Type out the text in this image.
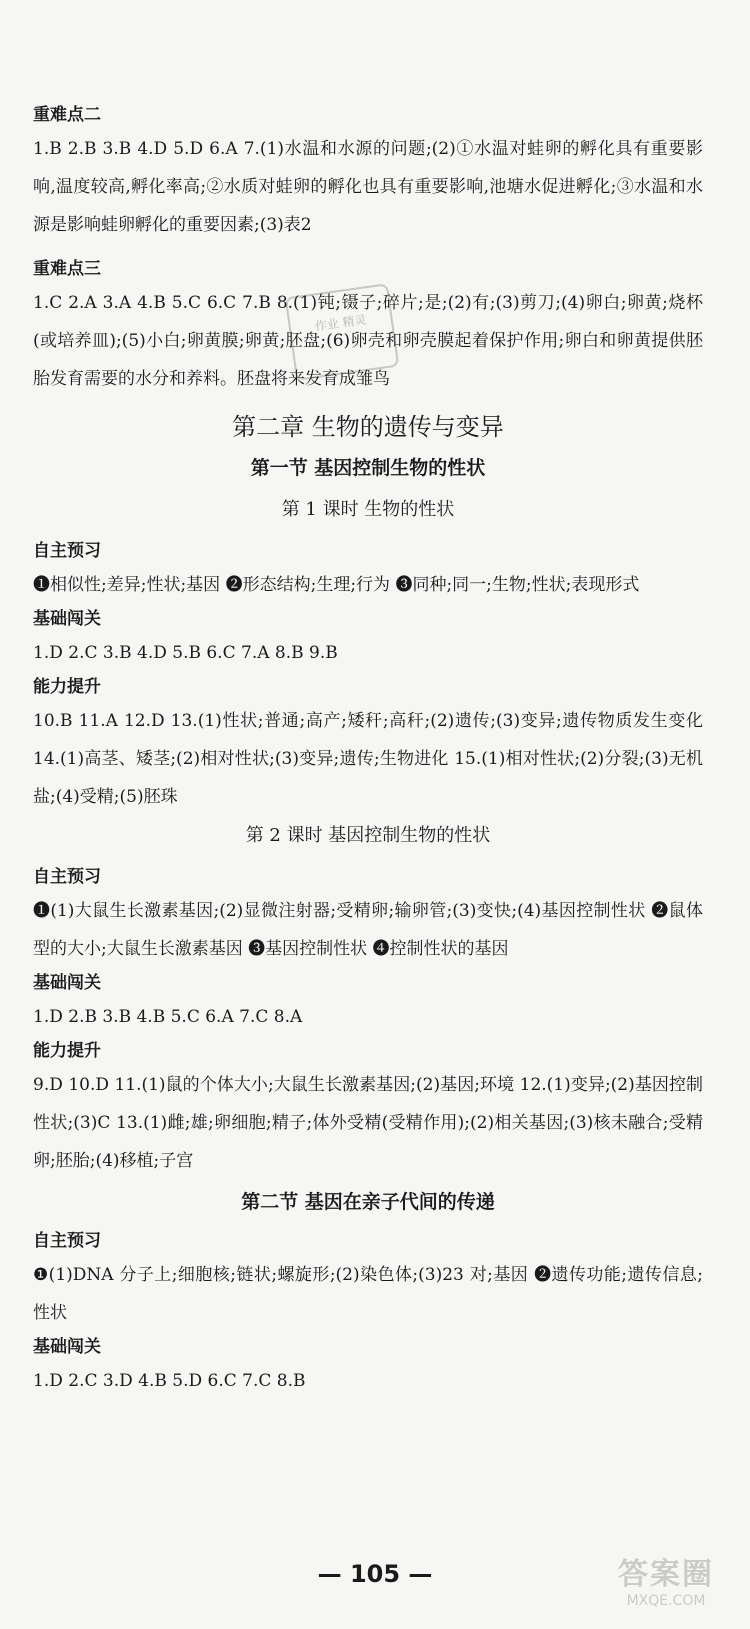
重难点二

1.B 2.B 3.B 4.D 5.D 6.A 7.(1)水温和水源的问题;(2)①水温对蛙卵的孵化具有重要影响,温度较高,孵化率高;②水质对蛙卵的孵化也具有重要影响,池塘水促进孵化;③水温和水源是影响蛙卵孵化的重要因素;(3)表2

重难点三

1.C 2.A 3.A 4.B 5.C 6.C 7.B 8.(1)钝;镊子;碎片;是;(2)有;(3)剪刀;(4)卵白;卵黄;烧杯(或培养皿);(5)小白;卵黄膜;卵黄;胚盘;(6)卵壳和卵壳膜起着保护作用;卵白和卵黄提供胚胎发育需要的水分和养料。胚盘将来发育成雏鸟

第二章 生物的遗传与变异
第一节 基因控制生物的性状
第 1 课时 生物的性状

自主预习

❶相似性;差异;性状;基因 ❷形态结构;生理;行为 ❸同种;同一;生物;性状;表现形式

基础闯关

1.D 2.C 3.B 4.D 5.B 6.C 7.A 8.B 9.B

能力提升

10.B 11.A 12.D 13.(1)性状;普通;高产;矮秆;高秆;(2)遗传;(3)变异;遗传物质发生变化 14.(1)高茎、矮茎;(2)相对性状;(3)变异;遗传;生物进化 15.(1)相对性状;(2)分裂;(3)无机盐;(4)受精;(5)胚珠

第 2 课时 基因控制生物的性状

自主预习

❶(1)大鼠生长激素基因;(2)显微注射器;受精卵;输卵管;(3)变快;(4)基因控制性状 ❷鼠体型的大小;大鼠生长激素基因 ❸基因控制性状 ❹控制性状的基因

基础闯关

1.D 2.B 3.B 4.B 5.C 6.A 7.C 8.A

能力提升

9.D 10.D 11.(1)鼠的个体大小;大鼠生长激素基因;(2)基因;环境 12.(1)变异;(2)基因控制性状;(3)C 13.(1)雌;雄;卵细胞;精子;体外受精(受精作用);(2)相关基因;(3)核未融合;受精卵;胚胎;(4)移植;子宫

第二节 基因在亲子代间的传递

自主预习

❶(1)DNA 分子上;细胞核;链状;螺旋形;(2)染色体;(3)23 对;基因 ❷遗传功能;遗传信息;性状

基础闯关

1.D 2.C 3.D 4.B 5.D 6.C 7.C 8.B

作业 精灵
— 105 —	答案圈
MXQE.COM
